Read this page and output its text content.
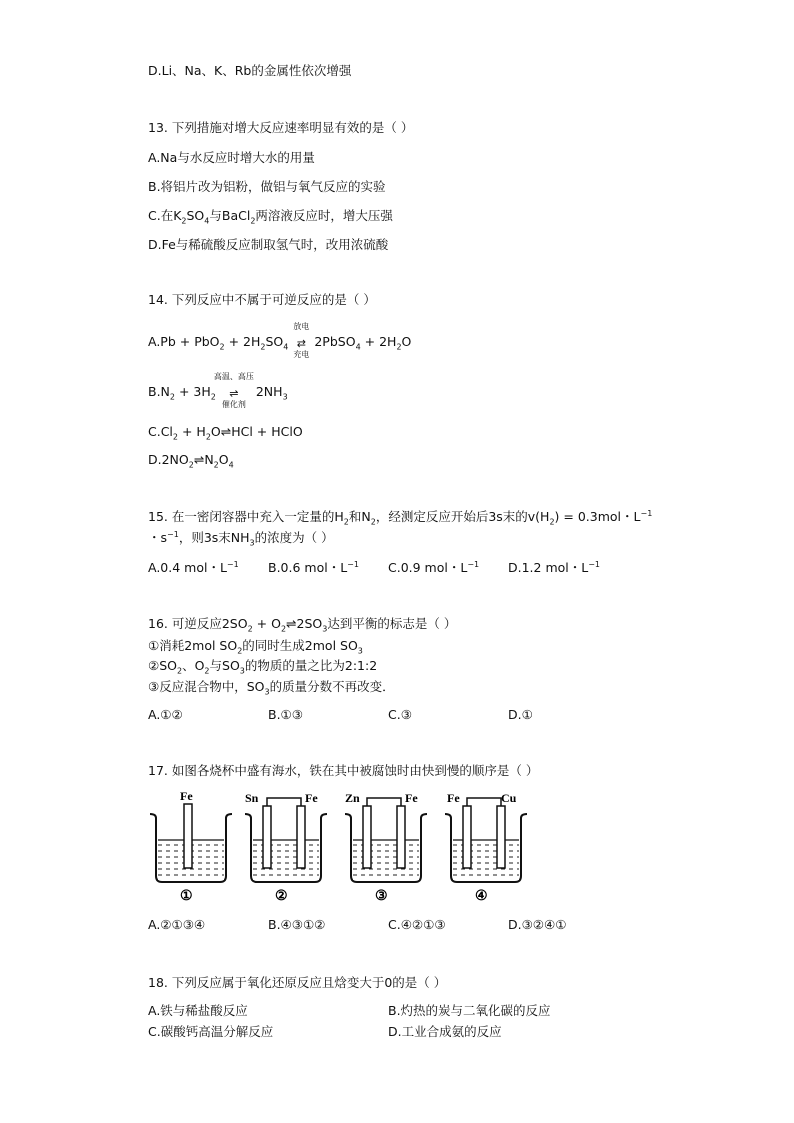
D.Li、Na、K、Rb的金属性依次增强
13. 下列措施对增大反应速率明显有效的是（ ）
A.Na与水反应时增大水的用量
B.将铝片改为铝粉，做铝与氧气反应的实验
C.在$K_2SO_4$与BaCl$_2$两溶液反应时，增大压强
D.Fe与稀硫酸反应制取氢气时，改用浓硫酸
14. 下列反应中不属于可逆反应的是（ ）
$A.Pb + PbO_2 + 2H_2SO_4$
放电
⇄
充电
2PbSO$_4$ + $2H_2O$
$B.N_2 + 3H_2$
高温、高压
⇌
催化剂
$2NH_3$
$C.Cl_2$ + $H_2O\rightleftharpoons HCl$ + HClO
$D.2NO_2\rightleftharpoons N_2O_4$
15. 在一密闭容器中充入一定量的$H_2$和$N_2$，经测定反应开始后3s末的$v(H_2) = 0.3mol$・$L^{-1}$
・$s^{-1}$，则3s末$NH_3$的浓度为（ ）
A.0.4 mol・$L^{-1}$ B.0.6 mol・$L^{-1}$ C.0.9 mol・$L^{-1}$ D.1.2 mol・$L^{-1}$
16. 可逆反应$2SO_2$ + $O_2\rightleftharpoons 2SO_3$达到平衡的标志是（ ）
①消耗2mol $SO_2$的同时生成2mol $SO_3$
$②SO_2$、$O_2$与$SO_3$的物质的量之比为2:1:2
③反应混合物中，$SO_3$的质量分数不再改变．
A.①②	B.①③	C.③	D.①
17. 如图各烧杯中盛有海水，铁在其中被腐蚀时由快到慢的顺序是（ ）
Fe
①
Sn	Fe
②
Zn	Fe
③
Fe	Cu
④
A.②①③④	B.④③①②	C.④②①③	D.③②④①
18. 下列反应属于氧化还原反应且焓变大于0的是（ ）
A.铁与稀盐酸反应	B.灼热的炭与二氧化碳的反应
C.碳酸钙高温分解反应	D.工业合成氨的反应
